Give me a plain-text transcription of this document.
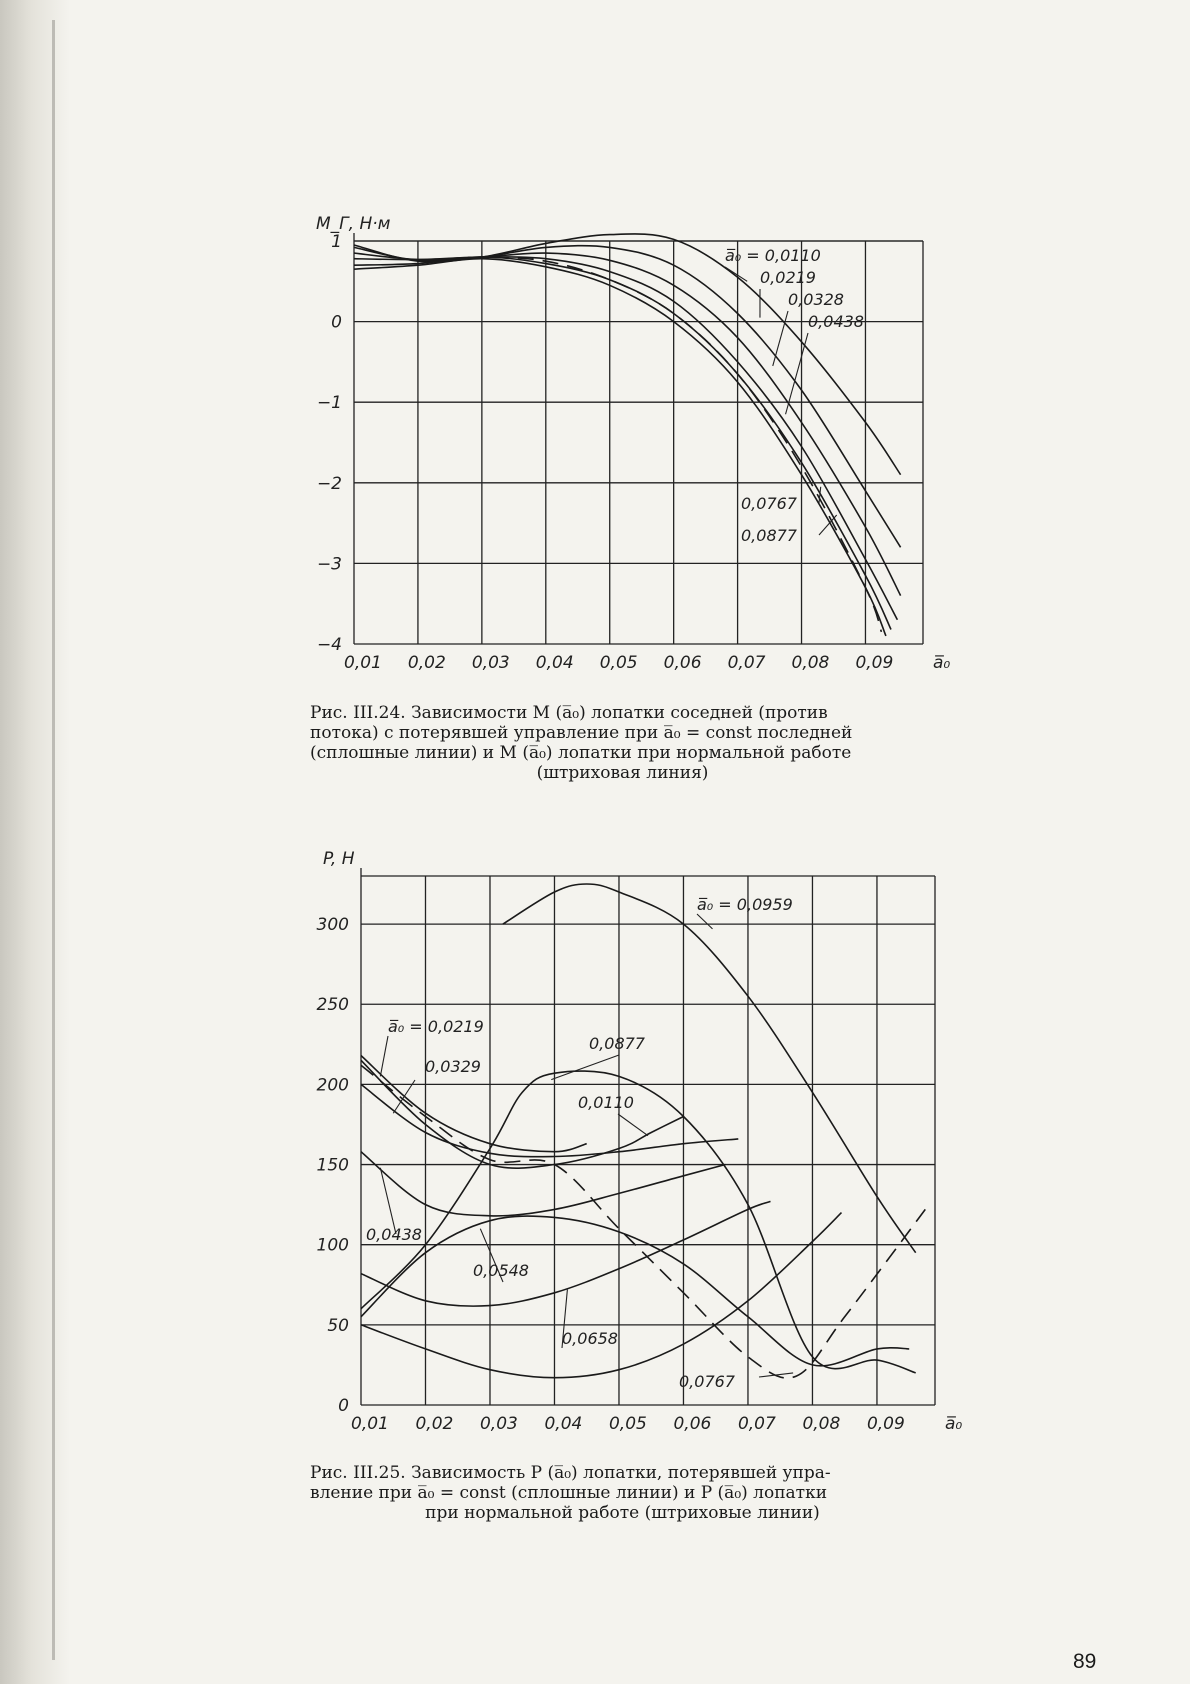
0,01 0,02 0,03 0,04 0,05 0,06 0,07 0,08 0,09
1
0
−1
−2
−3
−4
M_Г, Н·м
a̅₀
a̅₀ = 0,0110
0,0219
0,0328
0,0438
0,0767
0,0877
Рис. III.24. Зависимости M (a̅₀) лопатки соседней (против
потока) с потерявшей управление при a̅₀ = const последней
(сплошные линии) и M (a̅₀) лопатки при нормальной работе

(штриховая линия)
0,01 0,02 0,03 0,04 0,05 0,06 0,07 0,08 0,09
0
50
100
150
200
250
300
P, Н
a̅₀
a̅₀ = 0,0959
0,0877
0,0110
a̅₀ = 0,0219
0,0329
0,0438
0,0548
0,0658
0,0767
Рис. III.25. Зависимость P (a̅₀) лопатки, потерявшей упра-
вление при a̅₀ = const (сплошные линии) и P (a̅₀) лопатки

при нормальной работе (штриховые линии)
89
